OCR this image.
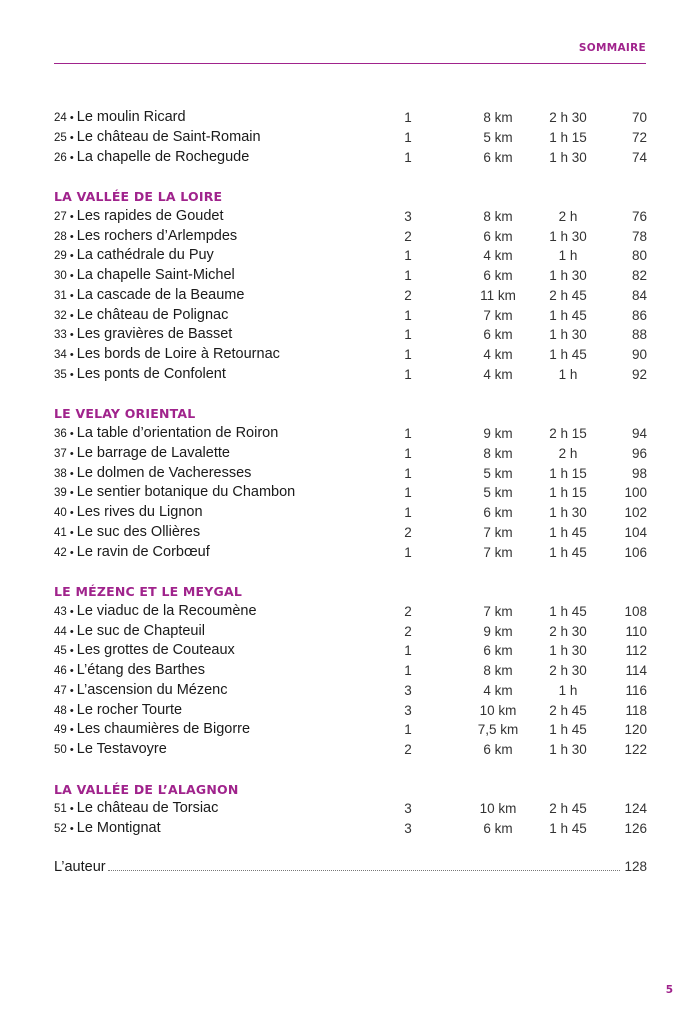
SOMMAIRE
24 • Le moulin Ricard	1	8 km	2 h 30	70
25 • Le château de Saint-Romain	1	5 km	1 h 15	72
26 • La chapelle de Rochegude	1	6 km	1 h 30	74
LA VALLÉE DE LA LOIRE
27 • Les rapides de Goudet	3	8 km	2 h	76
28 • Les rochers d’Arlempdes	2	6 km	1 h 30	78
29 • La cathédrale du Puy	1	4 km	1 h	80
30 • La chapelle Saint-Michel	1	6 km	1 h 30	82
31 • La cascade de la Beaume	2	11 km	2 h 45	84
32 • Le château de Polignac	1	7 km	1 h 45	86
33 • Les gravières de Basset	1	6 km	1 h 30	88
34 • Les bords de Loire à Retournac	1	4 km	1 h 45	90
35 • Les ponts de Confolent	1	4 km	1 h	92
LE VELAY ORIENTAL
36 • La table d’orientation de Roiron	1	9 km	2 h 15	94
37 • Le barrage de Lavalette	1	8 km	2 h	96
38 • Le dolmen de Vacheresses	1	5 km	1 h 15	98
39 • Le sentier botanique du Chambon	1	5 km	1 h 15	100
40 • Les rives du Lignon	1	6 km	1 h 30	102
41 • Le suc des Ollières	2	7 km	1 h 45	104
42 • Le ravin de Corbœuf	1	7 km	1 h 45	106
LE MÉZENC ET LE MEYGAL
43 • Le viaduc de la Recoumène	2	7 km	1 h 45	108
44 • Le suc de Chapteuil	2	9 km	2 h 30	110
45 • Les grottes de Couteaux	1	6 km	1 h 30	112
46 • L’étang des Barthes	1	8 km	2 h 30	114
47 • L’ascension du Mézenc	3	4 km	1 h	116
48 • Le rocher Tourte	3	10 km	2 h 45	118
49 • Les chaumières de Bigorre	1	7,5 km	1 h 45	120
50 • Le Testavoyre	2	6 km	1 h 30	122
LA VALLÉE DE L’ALAGNON
51 • Le château de Torsiac	3	10 km	2 h 45	124
52 • Le Montignat	3	6 km	1 h 45	126
L’auteur	128
5
